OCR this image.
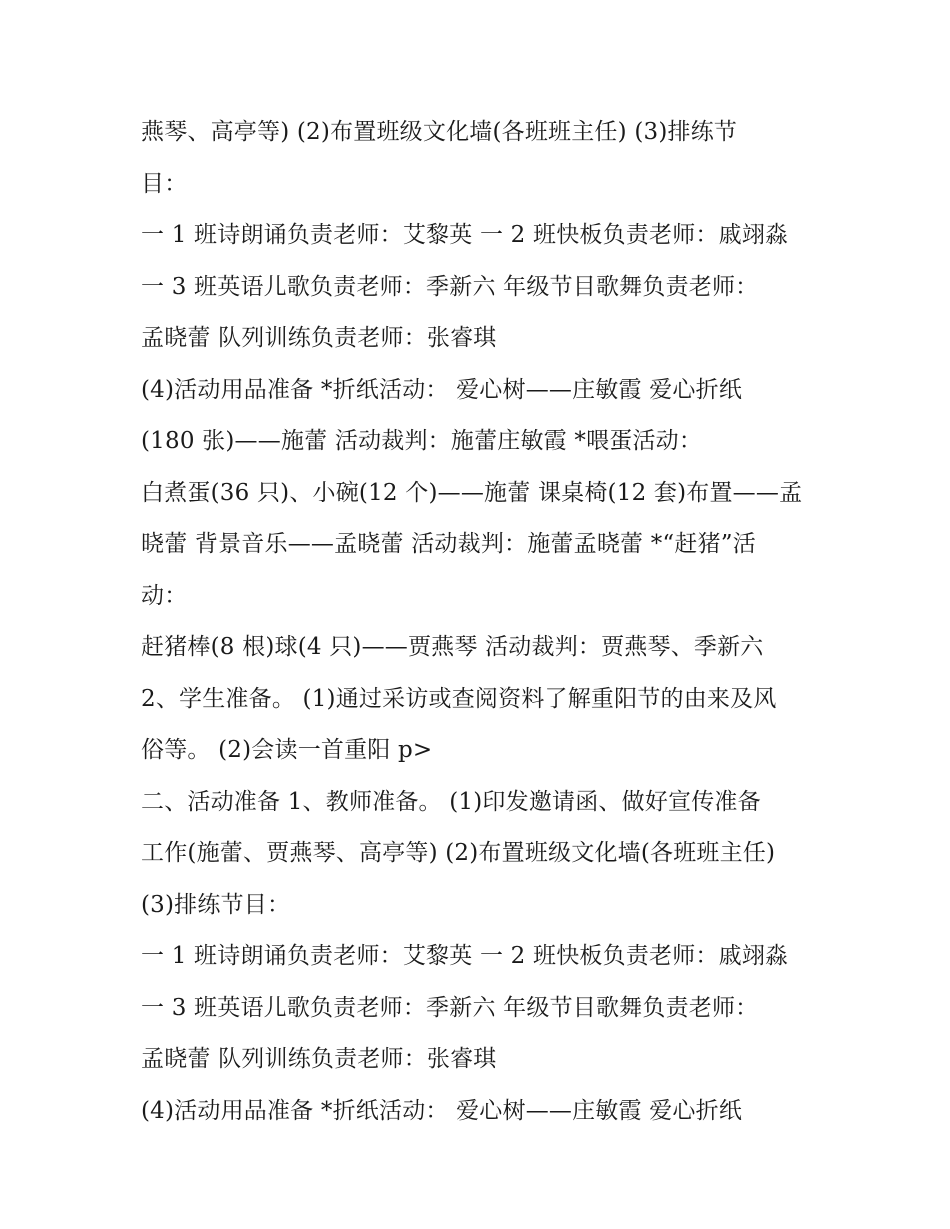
燕琴、高亭等) (2)布置班级文化墙(各班班主任) (3)排练节
目：
一 1 班诗朗诵负责老师：艾黎英 一 2 班快板负责老师：戚翊淼
一 3 班英语儿歌负责老师：季新六 年级节目歌舞负责老师：
孟晓蕾 队列训练负责老师：张睿琪
(4)活动用品准备 *折纸活动： 爱心树——庄敏霞 爱心折纸
(180 张)——施蕾 活动裁判：施蕾庄敏霞 *喂蛋活动：
白煮蛋(36 只)、小碗(12 个)——施蕾 课桌椅(12 套)布置——孟
晓蕾 背景音乐——孟晓蕾 活动裁判：施蕾孟晓蕾 *“赶猪”活
动：
赶猪棒(8 根)球(4 只)——贾燕琴 活动裁判：贾燕琴、季新六
2、学生准备。 (1)通过采访或查阅资料了解重阳节的由来及风
俗等。 (2)会读一首重阳 p>
二、活动准备 1、教师准备。 (1)印发邀请函、做好宣传准备
工作(施蕾、贾燕琴、高亭等) (2)布置班级文化墙(各班班主任)
(3)排练节目：
一 1 班诗朗诵负责老师：艾黎英 一 2 班快板负责老师：戚翊淼
一 3 班英语儿歌负责老师：季新六 年级节目歌舞负责老师：
孟晓蕾 队列训练负责老师：张睿琪
(4)活动用品准备 *折纸活动： 爱心树——庄敏霞 爱心折纸
